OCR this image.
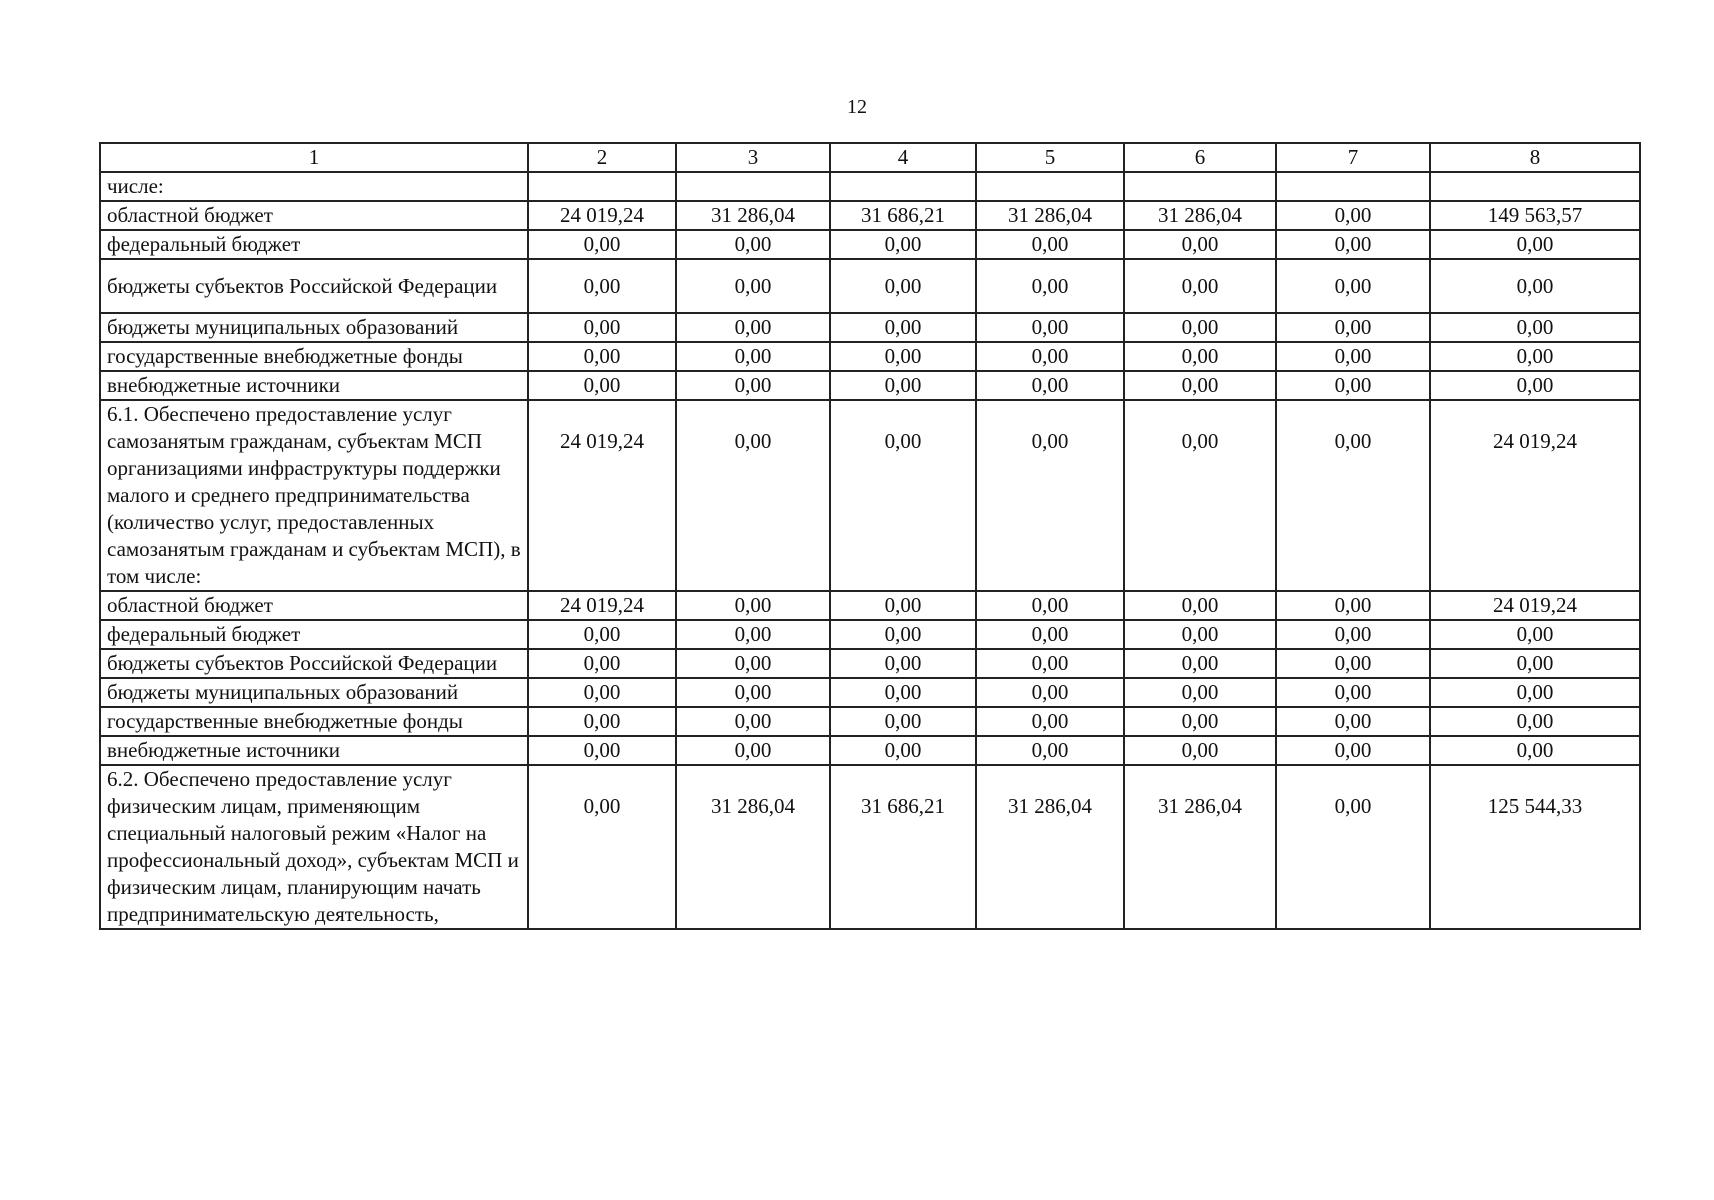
12
1	2	3	4	5	6	7	8
числе:							
областной бюджет	24 019,24	31 286,04	31 686,21	31 286,04	31 286,04	0,00	149 563,57
федеральный бюджет	0,00	0,00	0,00	0,00	0,00	0,00	0,00
бюджеты субъектов Российской Федерации	0,00	0,00	0,00	0,00	0,00	0,00	0,00
бюджеты муниципальных образований	0,00	0,00	0,00	0,00	0,00	0,00	0,00
государственные внебюджетные фонды	0,00	0,00	0,00	0,00	0,00	0,00	0,00
внебюджетные источники	0,00	0,00	0,00	0,00	0,00	0,00	0,00
6.1. Обеспечено предоставление услуг самозанятым гражданам, субъектам МСП организациями инфраструктуры поддержки малого и среднего предпринимательства (количество услуг, предоставленных самозанятым гражданам и субъектам МСП), в том числе:	24 019,24	0,00	0,00	0,00	0,00	0,00	24 019,24
областной бюджет	24 019,24	0,00	0,00	0,00	0,00	0,00	24 019,24
федеральный бюджет	0,00	0,00	0,00	0,00	0,00	0,00	0,00
бюджеты субъектов Российской Федерации	0,00	0,00	0,00	0,00	0,00	0,00	0,00
бюджеты муниципальных образований	0,00	0,00	0,00	0,00	0,00	0,00	0,00
государственные внебюджетные фонды	0,00	0,00	0,00	0,00	0,00	0,00	0,00
внебюджетные источники	0,00	0,00	0,00	0,00	0,00	0,00	0,00
6.2. Обеспечено предоставление услуг физическим лицам, применяющим специальный налоговый режим «Налог на профессиональный доход», субъектам МСП и физическим лицам, планирующим начать предпринимательскую деятельность,	0,00	31 286,04	31 686,21	31 286,04	31 286,04	0,00	125 544,33
